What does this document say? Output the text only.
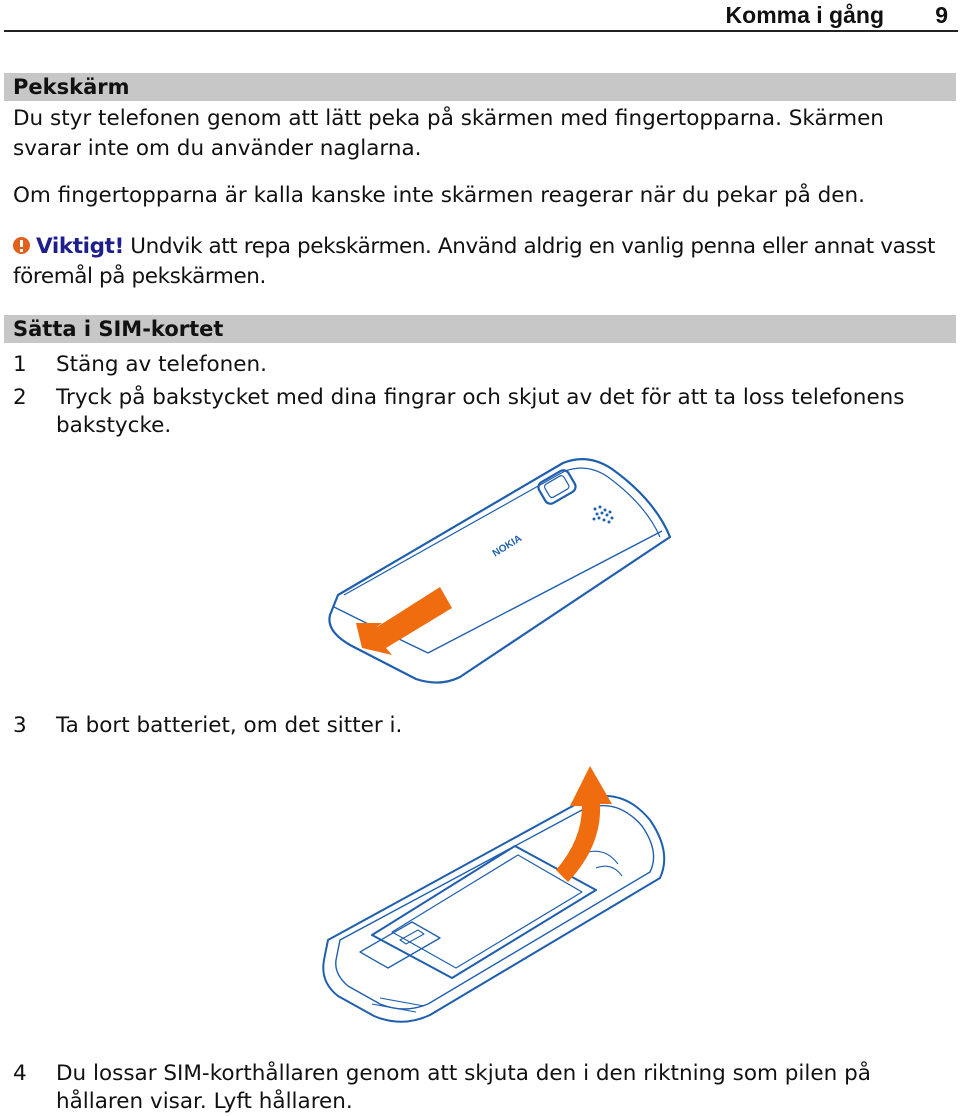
Komma i gång 9
Pekskärm
Du styr telefonen genom att lätt peka på skärmen med fingertopparna. Skärmen svarar inte om du använder naglarna.
Om fingertopparna är kalla kanske inte skärmen reagerar när du pekar på den.
Viktigt! Undvik att repa pekskärmen. Använd aldrig en vanlig penna eller annat vasst föremål på pekskärmen.
Sätta i SIM-kortet
1 Stäng av telefonen.
2 Tryck på bakstycket med dina fingrar och skjut av det för att ta loss telefonens bakstycke.
NOKIA
3 Ta bort batteriet, om det sitter i.
4 Du lossar SIM-korthållaren genom att skjuta den i den riktning som pilen på hållaren visar. Lyft hållaren.
